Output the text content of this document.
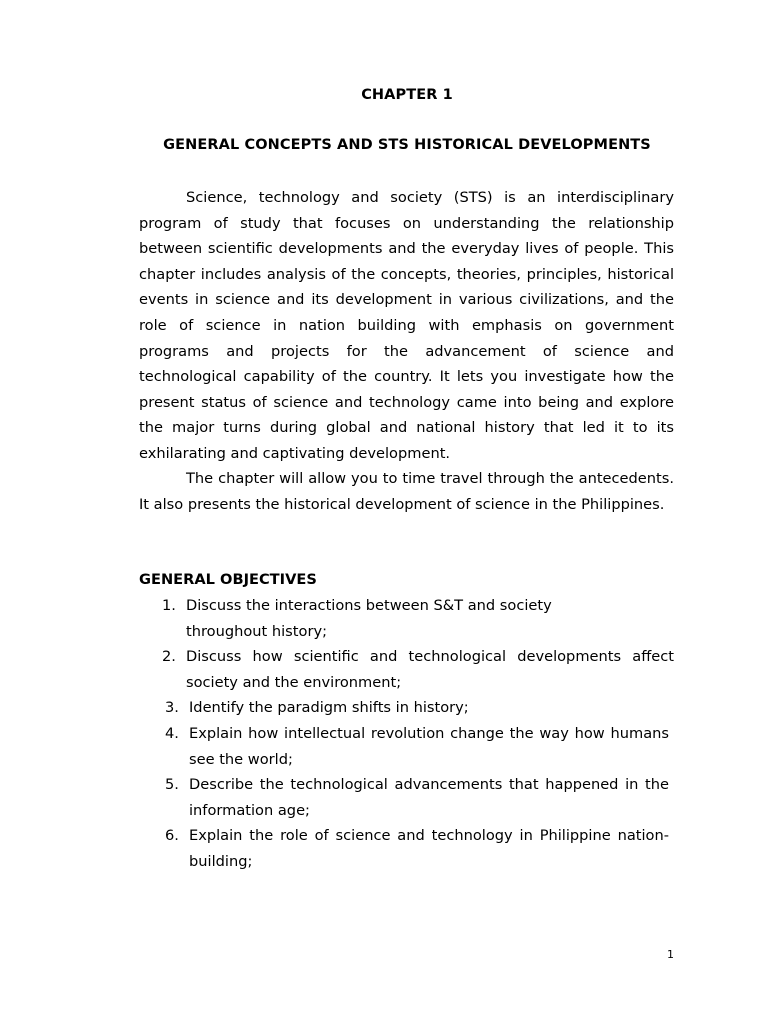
CHAPTER 1
GENERAL CONCEPTS AND STS HISTORICAL DEVELOPMENTS

Science, technology and society (STS) is an interdisciplinary program of study that focuses on understanding the relationship between scientific developments and the everyday lives of people. This chapter includes analysis of the concepts, theories, principles, historical events in science and its development in various civilizations, and the role of science in nation building with emphasis on government programs and projects for the advancement of science and technological capability of the country. It lets you investigate how the present status of science and technology came into being and explore the major turns during global and national history that led it to its exhilarating and captivating development.

The chapter will allow you to time travel through the antecedents. It also presents the historical development of science in the Philippines.

GENERAL OBJECTIVES
1. Discuss the interactions between S&T and society throughout history;
2. Discuss how scientific and technological developments affect society and the environment;
3. Identify the paradigm shifts in history;
4. Explain how intellectual revolution change the way how humans see the world;
5. Describe the technological advancements that happened in the information age;
6. Explain the role of science and technology in Philippine nation-building;
1
